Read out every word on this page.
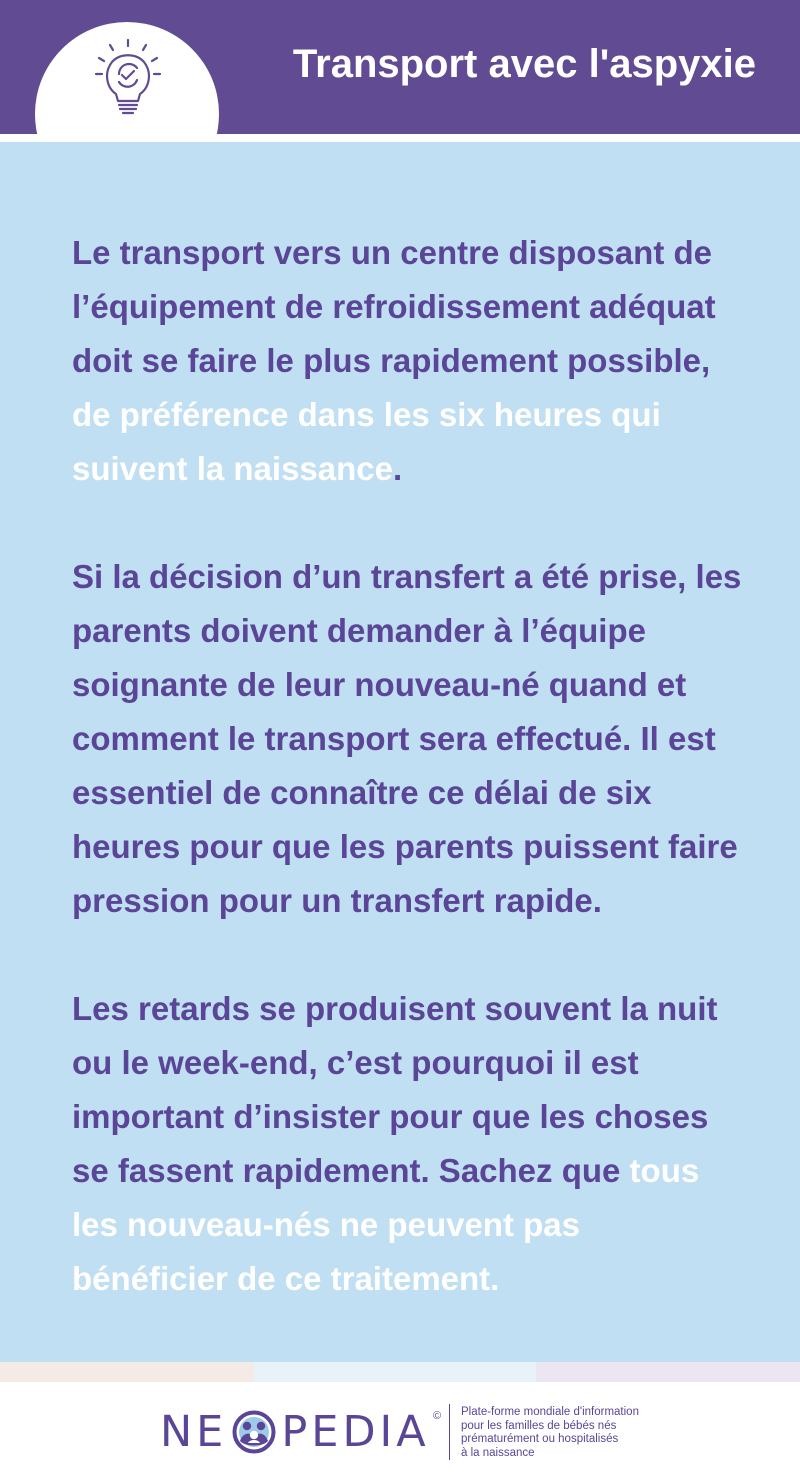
Transport avec l'aspyxie

Le transport vers un centre disposant de l’équipement de refroidissement adéquat doit se faire le plus rapidement possible, de préférence dans les six heures qui suivent la naissance.

Si la décision d’un transfert a été prise, les parents doivent demander à l’équipe soignante de leur nouveau-né quand et comment le transport sera effectué. Il est essentiel de connaître ce délai de six heures pour que les parents puissent faire pression pour un transfert rapide.

Les retards se produisent souvent la nuit ou le week-end, c’est pourquoi il est important d’insister pour que les choses se fassent rapidement. Sachez que tous les nouveau-nés ne peuvent pas bénéficier de ce traitement.

NE PEDIA © Plate-forme mondiale d'information
pour les familles de bébés nés
prématurément ou hospitalisés
à la naissance
